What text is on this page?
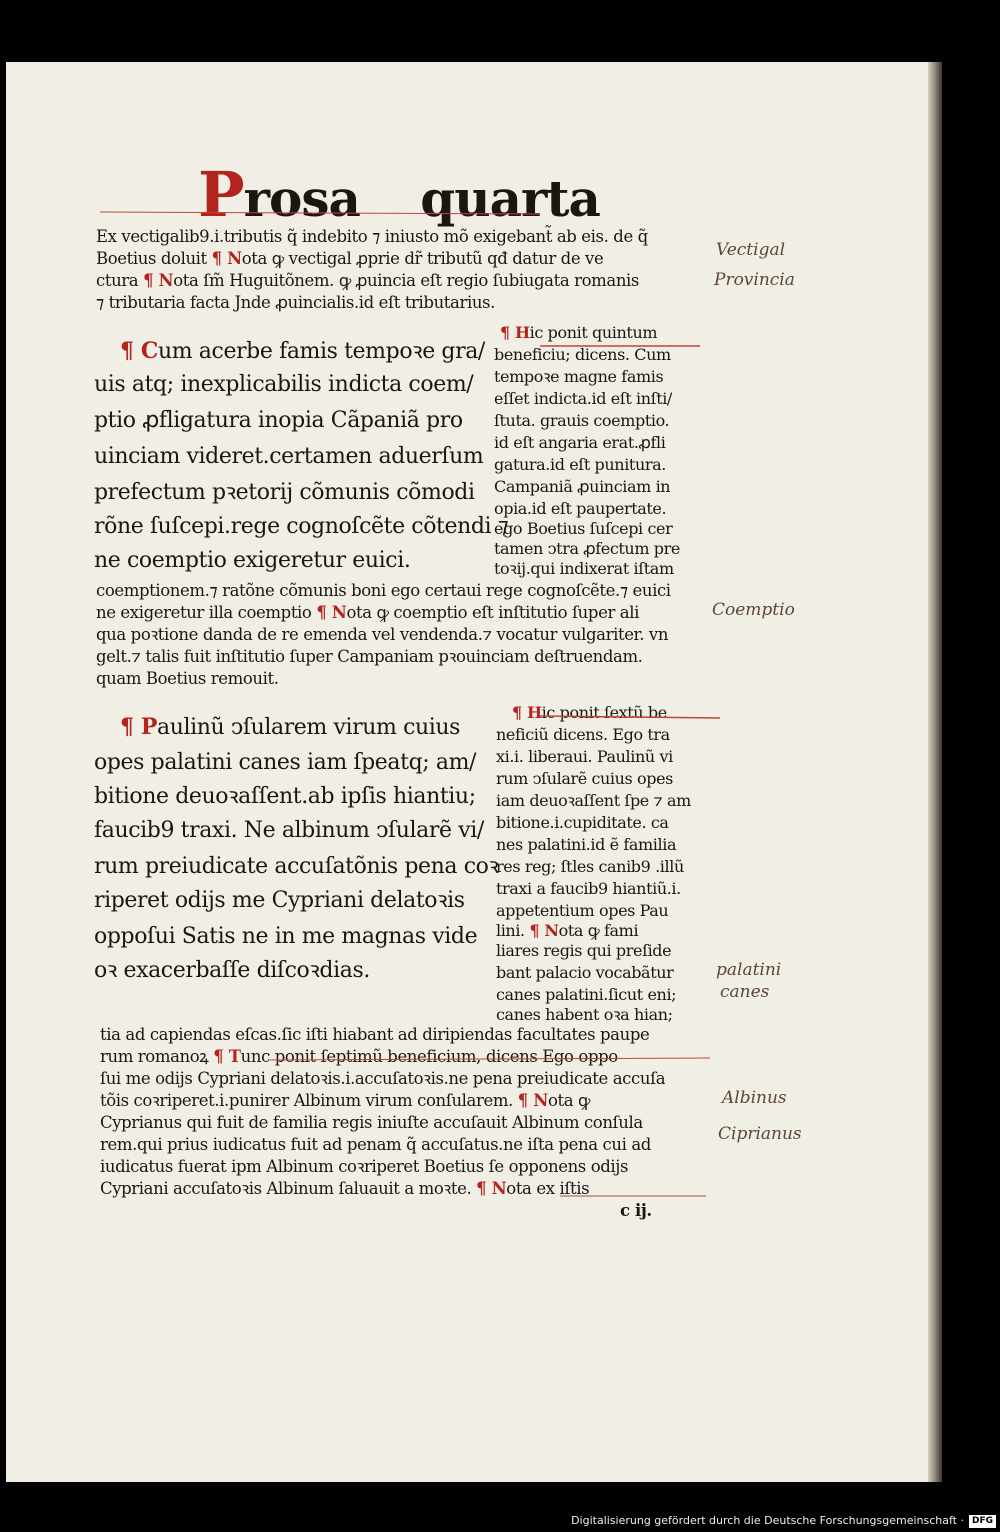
Prosa quarta

Ex vectigalib9.i.tributis q̃ indebito ⁊ iniusto mõ exigebant̃ ab eis. de q̃

Boetius doluit ¶ Nota ꝙ vectigal ꝓprie dr̃ tributũ qđ datur de ve

ctura ¶ Nota ſm̃ Huguitõnem. ꝙ ꝓuincia eſt regio ſubiugata romanis

⁊ tributaria facta Jnde ꝓuincialis.id eſt tributarius.

¶ Cum acerbe famis tempoꝛe gra/

uis atq; inexplicabilis indicta coem/

ptio ꝓfligatura inopia Cãpaniã pro

uinciam videret.certamen aduerſum

prefectum pꝛetorij cõmunis cõmodi

rõne ſuſcepi.rege cognoſcẽte cõtendi ⁊

ne coemptio exigeretur euici.

¶ Hic ponit quintum

beneficiu; dicens. Cum

tempoꝛe magne famis

eſſet indicta.id eſt inſti/

ſtuta. grauis coemptio.

id eſt angaria erat.ꝓfli

gatura.id eſt punitura.

Campaniã ꝓuinciam in

opia.id eſt paupertate.

ego Boetius ſuſcepi cer

tamen ↄtra ꝓfectum pre

toꝛij.qui indixerat iſtam

coemptionem.⁊ ratõne cõmunis boni ego certaui rege cognoſcẽte.⁊ euici

ne exigeretur illa coemptio ¶ Nota ꝙ coemptio eſt inſtitutio ſuper ali

qua poꝛtione danda de re emenda vel vendenda.⁊ vocatur vulgariter. vn

gelt.⁊ talis fuit inſtitutio ſuper Campaniam pꝛouinciam deſtruendam.

quam Boetius remouit.

¶ Paulinũ ↄſularem virum cuius

opes palatini canes iam ſpeatq; am/

bitione deuoꝛaſſent.ab ipſis hiantiu;

faucib9 traxi. Ne albinum ↄſularẽ vi/

rum preiudicate accuſatõnis pena coꝛ

riperet odijs me Cypriani delatoꝛis

oppoſui Satis ne in me magnas vide

oꝛ exacerbaſſe diſcoꝛdias.

¶ Hic ponit ſextũ be

neficiũ dicens. Ego tra

xi.i. liberaui. Paulinũ vi

rum ↄſularẽ cuius opes

iam deuoꝛaſſent ſpe ⁊ am

bitione.i.cupiditate. ca

nes palatini.id ẽ familia

res reg; ſtles canib9 .illũ

traxi a faucib9 hiantiũ.i.

appetentium opes Pau

lini. ¶ Nota ꝙ fami

liares regis qui preſide

bant palacio vocabãtur

canes palatini.ſicut eni;

canes habent oꝛa hian;

tia ad capiendas eſcas.ſic iſti hiabant ad diripiendas facultates paupe

rum romanoꝝ ¶ Tunc ponit ſeptimũ beneficium, dicens Ego oppo

ſui me odijs Cypriani delatoꝛis.i.accuſatoꝛis.ne pena preiudicate accuſa

tõis coꝛriperet.i.punirer Albinum virum conſularem. ¶ Nota ꝙ

Cyprianus qui fuit de familia regis iniuſte accuſauit Albinum conſula

rem.qui prius iudicatus fuit ad penam q̃ accuſatus.ne iſta pena cui ad

iudicatus fuerat ipm Albinum coꝛriperet Boetius ſe opponens odijs

Cypriani accuſatoꝛis Albinum ſaluauit a moꝛte. ¶ Nota ex iſtis

c ij.

Vectigal

Provincia

Coemptio

palatini

canes

Albinus

Ciprianus

Digitalisierung gefördert durch die Deutsche Forschungsgemeinschaft · DFG
